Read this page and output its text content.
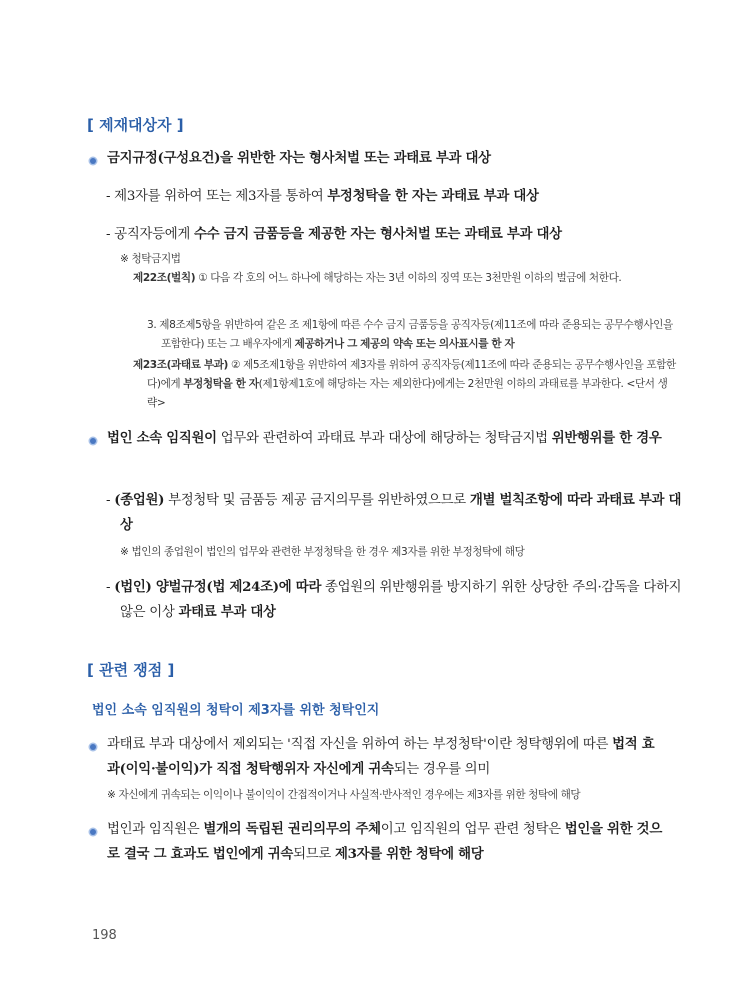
[ 제재대상자 ]
금지규정(구성요건)을 위반한 자는 형사처벌 또는 과태료 부과 대상
- 제3자를 위하여 또는 제3자를 통하여 부정청탁을 한 자는 과태료 부과 대상
- 공직자등에게 수수 금지 금품등을 제공한 자는 형사처벌 또는 과태료 부과 대상
※ 청탁금지법
제22조(벌칙) ① 다음 각 호의 어느 하나에 해당하는 자는 3년 이하의 징역 또는 3천만원 이하의 벌금에 처한다.
3. 제8조제5항을 위반하여 같은 조 제1항에 따른 수수 금지 금품등을 공직자등(제11조에 따라 준용되는 공무수행사인을 포함한다) 또는 그 배우자에게 제공하거나 그 제공의 약속 또는 의사표시를 한 자
제23조(과태료 부과) ② 제5조제1항을 위반하여 제3자를 위하여 공직자등(제11조에 따라 준용되는 공무수행사인을 포함한다)에게 부정청탁을 한 자(제1항제1호에 해당하는 자는 제외한다)에게는 2천만원 이하의 과태료를 부과한다. <단서 생략>
법인 소속 임직원이 업무와 관련하여 과태료 부과 대상에 해당하는 청탁금지법 위반행위를 한 경우
- (종업원) 부정청탁 및 금품등 제공 금지의무를 위반하였으므로 개별 벌칙조항에 따라 과태료 부과 대상
※ 법인의 종업원이 법인의 업무와 관련한 부정청탁을 한 경우 제3자를 위한 부정청탁에 해당
- (법인) 양벌규정(법 제24조)에 따라 종업원의 위반행위를 방지하기 위한 상당한 주의·감독을 다하지 않은 이상 과태료 부과 대상
[ 관련 쟁점 ]
법인 소속 임직원의 청탁이 제3자를 위한 청탁인지
과태료 부과 대상에서 제외되는 '직접 자신을 위하여 하는 부정청탁'이란 청탁행위에 따른 법적 효과(이익·불이익)가 직접 청탁행위자 자신에게 귀속되는 경우를 의미
※ 자신에게 귀속되는 이익이나 불이익이 간접적이거나 사실적·반사적인 경우에는 제3자를 위한 청탁에 해당
법인과 임직원은 별개의 독립된 권리의무의 주체이고 임직원의 업무 관련 청탁은 법인을 위한 것으로 결국 그 효과도 법인에게 귀속되므로 제3자를 위한 청탁에 해당
198
